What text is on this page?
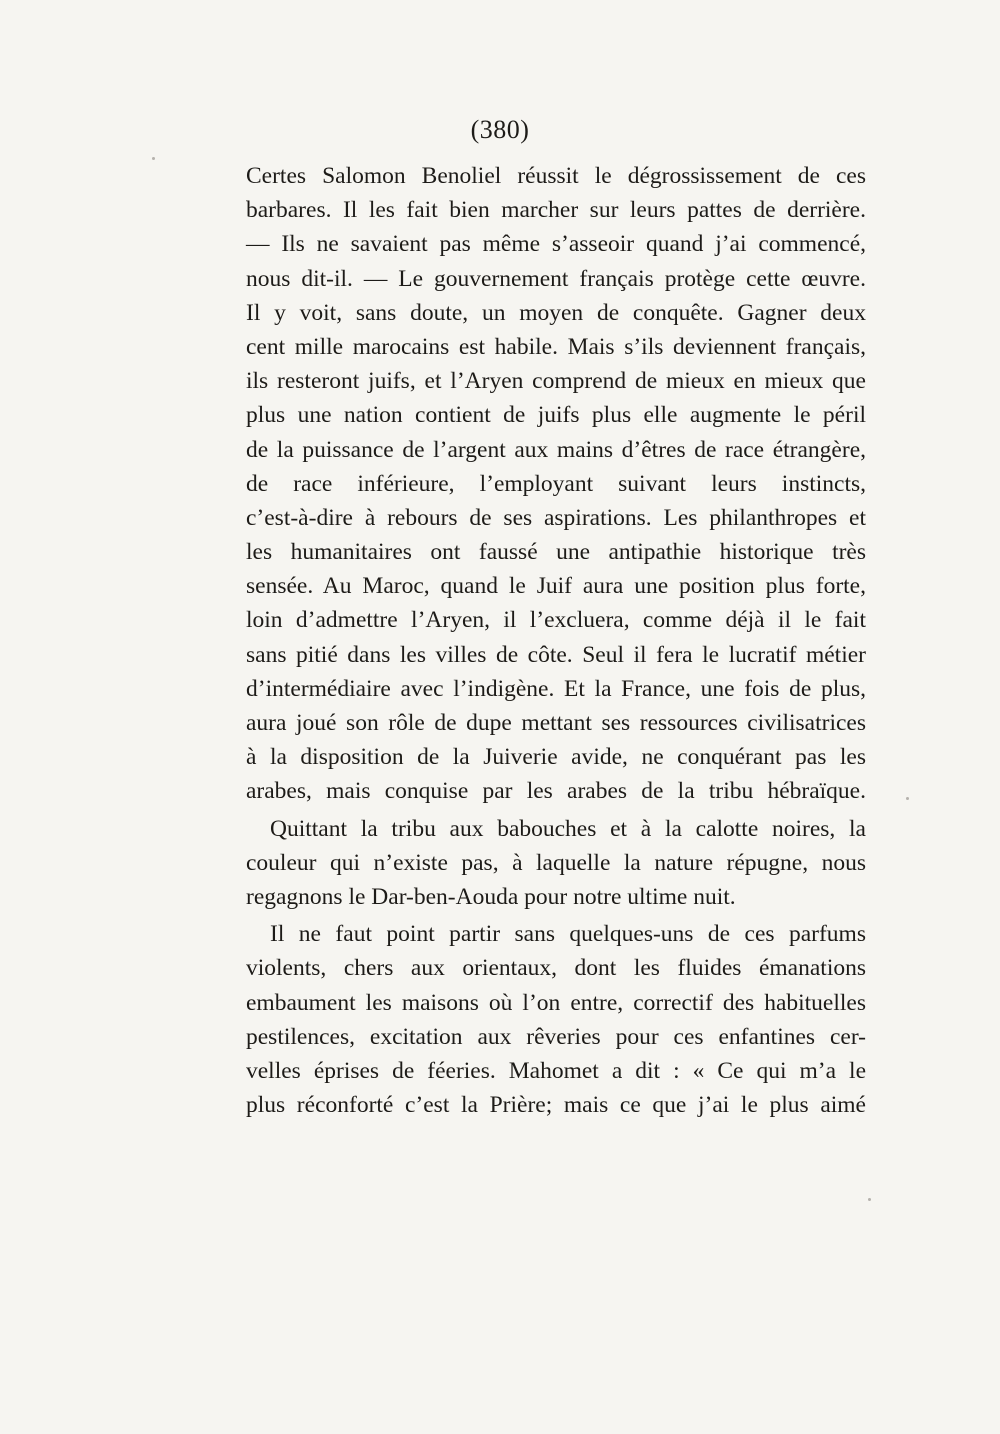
(380)

Certes Salomon Benoliel réussit le dégrossissement de ces
barbares. Il les fait bien marcher sur leurs pattes de derrière.
— Ils ne savaient pas même s’asseoir quand j’ai commencé,
nous dit-il. — Le gouvernement français protège cette œuvre.
Il y voit, sans doute, un moyen de conquête. Gagner deux
cent mille marocains est habile. Mais s’ils deviennent français,
ils resteront juifs, et l’Aryen comprend de mieux en mieux que
plus une nation contient de juifs plus elle augmente le péril
de la puissance de l’argent aux mains d’êtres de race étrangère,
de race inférieure, l’employant suivant leurs instincts,
c’est-à-dire à rebours de ses aspirations. Les philanthropes et
les humanitaires ont faussé une antipathie historique très
sensée. Au Maroc, quand le Juif aura une position plus forte,
loin d’admettre l’Aryen, il l’excluera, comme déjà il le fait
sans pitié dans les villes de côte. Seul il fera le lucratif métier
d’intermédiaire avec l’indigène. Et la France, une fois de plus,
aura joué son rôle de dupe mettant ses ressources civilisatrices
à la disposition de la Juiverie avide, ne conquérant pas les
arabes, mais conquise par les arabes de la tribu hébraïque.

Quittant la tribu aux babouches et à la calotte noires, la
couleur qui n’existe pas, à laquelle la nature répugne, nous
regagnons le Dar-ben-Aouda pour notre ultime nuit.

Il ne faut point partir sans quelques-uns de ces parfums
violents, chers aux orientaux, dont les fluides émanations
embaument les maisons où l’on entre, correctif des habituelles
pestilences, excitation aux rêveries pour ces enfantines cer-
velles éprises de féeries. Mahomet a dit : « Ce qui m’a le
plus réconforté c’est la Prière; mais ce que j’ai le plus aimé
